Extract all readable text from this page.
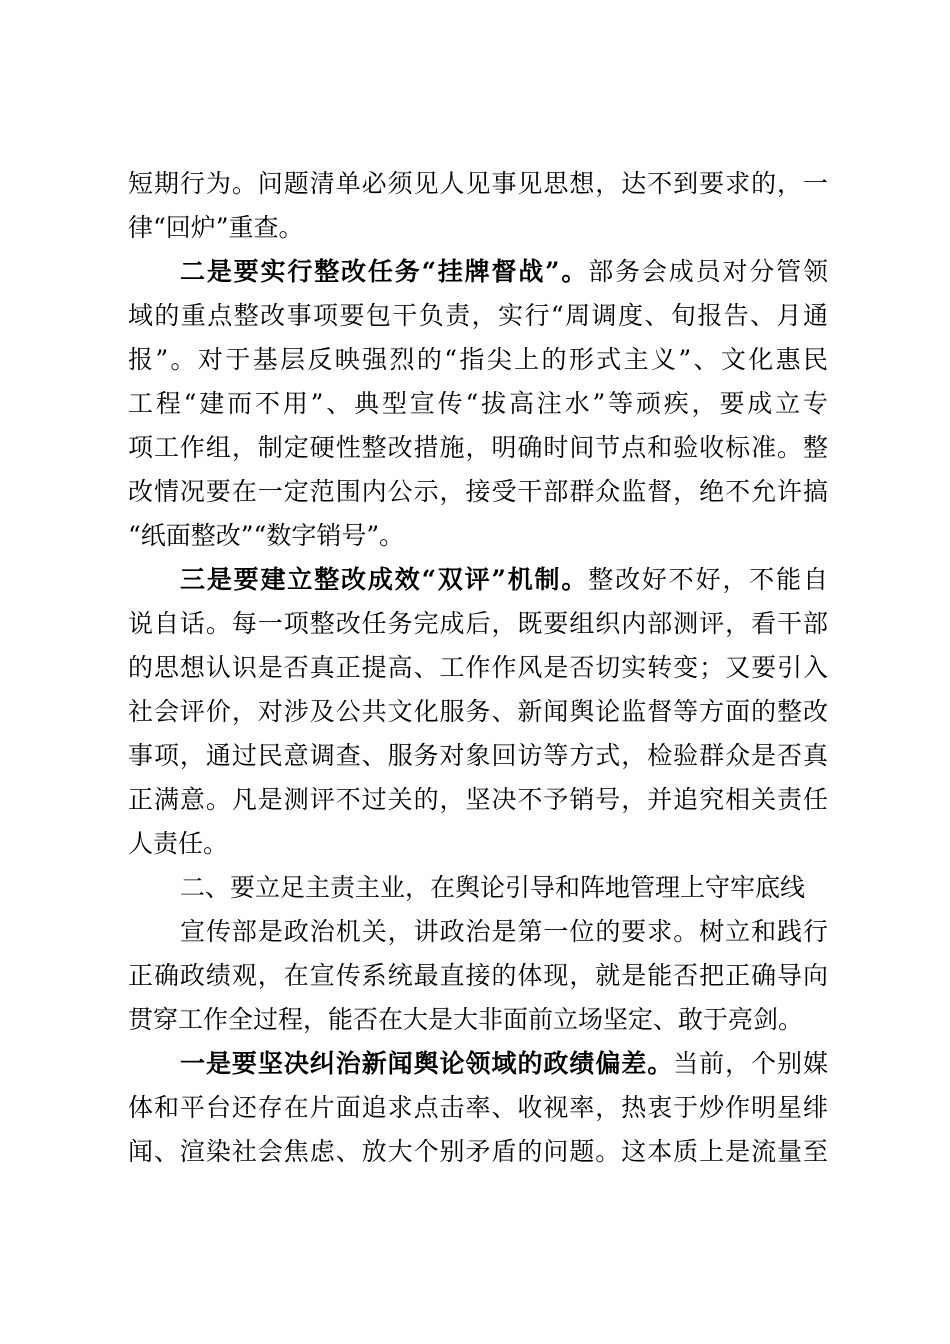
短期行为。问题清单必须见人见事见思想，达不到要求的，一
律“回炉”重查。
二是要实行整改任务“挂牌督战”。部务会成员对分管领
域的重点整改事项要包干负责，实行“周调度、旬报告、月通
报”。对于基层反映强烈的“指尖上的形式主义”、文化惠民
工程“建而不用”、典型宣传“拔高注水”等顽疾，要成立专
项工作组，制定硬性整改措施，明确时间节点和验收标准。整
改情况要在一定范围内公示，接受干部群众监督，绝不允许搞
“纸面整改”“数字销号”。
三是要建立整改成效“双评”机制。整改好不好，不能自
说自话。每一项整改任务完成后，既要组织内部测评，看干部
的思想认识是否真正提高、工作作风是否切实转变；又要引入
社会评价，对涉及公共文化服务、新闻舆论监督等方面的整改
事项，通过民意调查、服务对象回访等方式，检验群众是否真
正满意。凡是测评不过关的，坚决不予销号，并追究相关责任
人责任。
二、要立足主责主业，在舆论引导和阵地管理上守牢底线
宣传部是政治机关，讲政治是第一位的要求。树立和践行
正确政绩观，在宣传系统最直接的体现，就是能否把正确导向
贯穿工作全过程，能否在大是大非面前立场坚定、敢于亮剑。
一是要坚决纠治新闻舆论领域的政绩偏差。当前，个别媒
体和平台还存在片面追求点击率、收视率，热衷于炒作明星绯
闻、渲染社会焦虑、放大个别矛盾的问题。这本质上是流量至
